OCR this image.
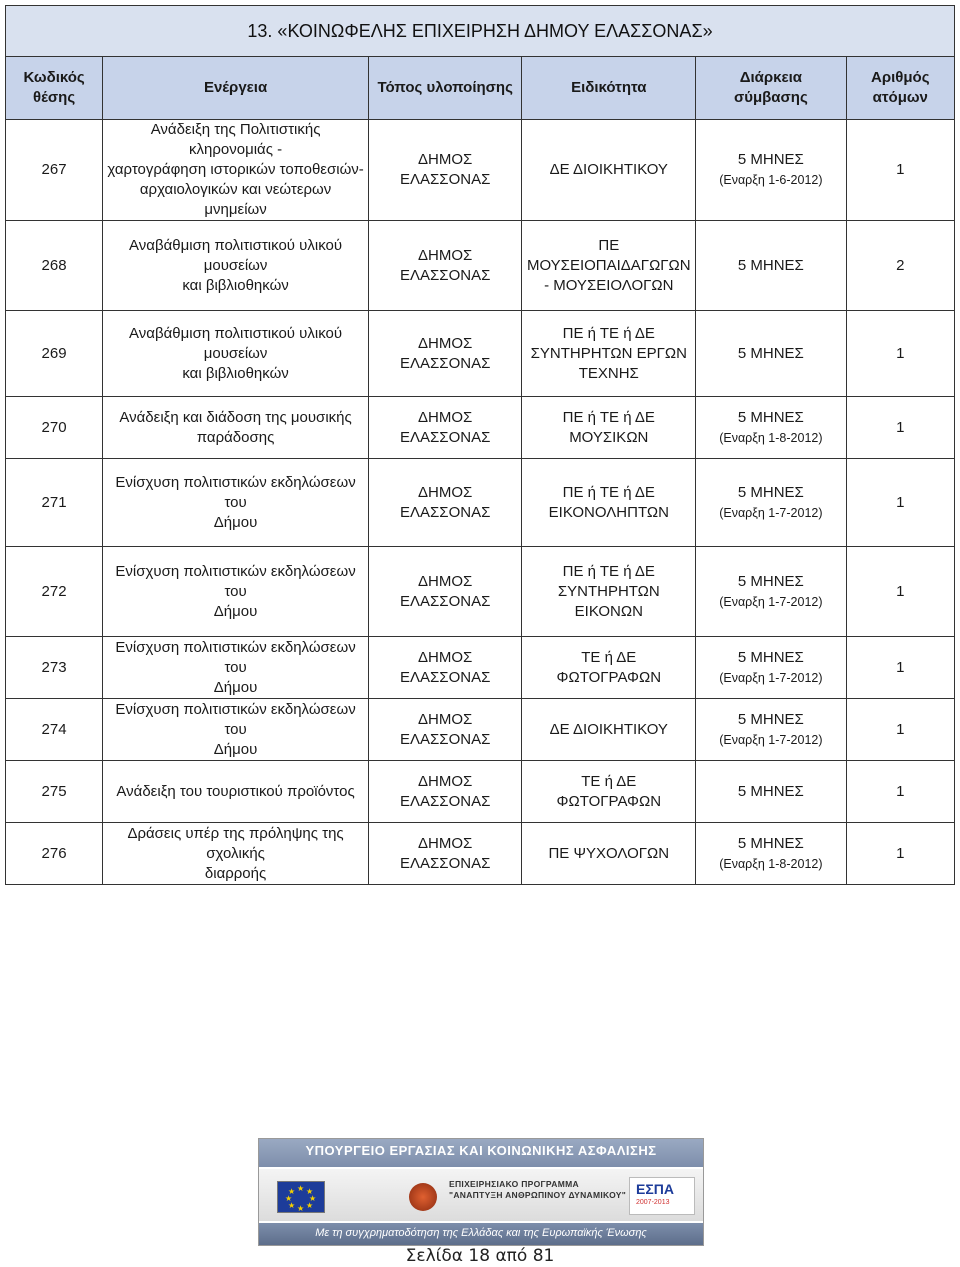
13. «ΚΟΙΝΩΦΕΛΗΣ ΕΠΙΧΕΙΡΗΣΗ ΔΗΜΟΥ ΕΛΑΣΣΟΝΑΣ»					

Κωδικός
θέσης	Ενέργεια	Τόπος υλοποίησης	Ειδικότητα	Διάρκεια
σύμβασης	Αριθμός
ατόμων

267	Ανάδειξη της Πολιτιστικής κληρονομιάς -
χαρτογράφηση ιστορικών τοποθεσιών-
αρχαιολογικών και νεώτερων μνημείων	ΔΗΜΟΣ
ΕΛΑΣΣΟΝΑΣ	ΔΕ ΔΙΟΙΚΗΤΙΚΟΥ	5 ΜΗΝΕΣ
(Εναρξη 1-6-2012)	1
268	Αναβάθμιση πολιτιστικού υλικού μουσείων
και βιβλιοθηκών	ΔΗΜΟΣ
ΕΛΑΣΣΟΝΑΣ	ΠΕ
ΜΟΥΣΕΙΟΠΑΙΔΑΓΩΓΩΝ
- ΜΟΥΣΕΙΟΛΟΓΩΝ	5 ΜΗΝΕΣ	2
269	Αναβάθμιση πολιτιστικού υλικού μουσείων
και βιβλιοθηκών	ΔΗΜΟΣ
ΕΛΑΣΣΟΝΑΣ	ΠΕ ή ΤΕ ή ΔΕ
ΣΥΝΤΗΡΗΤΩΝ ΕΡΓΩΝ
ΤΕΧΝΗΣ	5 ΜΗΝΕΣ	1
270	Ανάδειξη και διάδοση της μουσικής
παράδοσης	ΔΗΜΟΣ
ΕΛΑΣΣΟΝΑΣ	ΠΕ ή ΤΕ ή ΔΕ
ΜΟΥΣΙΚΩΝ	5 ΜΗΝΕΣ
(Εναρξη 1-8-2012)	1
271	Ενίσχυση πολιτιστικών εκδηλώσεων του
Δήμου	ΔΗΜΟΣ
ΕΛΑΣΣΟΝΑΣ	ΠΕ ή ΤΕ ή ΔΕ
ΕΙΚΟΝΟΛΗΠΤΩΝ	5 ΜΗΝΕΣ
(Εναρξη 1-7-2012)	1
272	Ενίσχυση πολιτιστικών εκδηλώσεων του
Δήμου	ΔΗΜΟΣ
ΕΛΑΣΣΟΝΑΣ	ΠΕ ή ΤΕ ή ΔΕ
ΣΥΝΤΗΡΗΤΩΝ
ΕΙΚΟΝΩΝ	5 ΜΗΝΕΣ
(Εναρξη 1-7-2012)	1
273	Ενίσχυση πολιτιστικών εκδηλώσεων του
Δήμου	ΔΗΜΟΣ
ΕΛΑΣΣΟΝΑΣ	ΤΕ ή ΔΕ
ΦΩΤΟΓΡΑΦΩΝ	5 ΜΗΝΕΣ
(Εναρξη 1-7-2012)	1
274	Ενίσχυση πολιτιστικών εκδηλώσεων του
Δήμου	ΔΗΜΟΣ
ΕΛΑΣΣΟΝΑΣ	ΔΕ ΔΙΟΙΚΗΤΙΚΟΥ	5 ΜΗΝΕΣ
(Εναρξη 1-7-2012)	1
275	Ανάδειξη του τουριστικού προϊόντος	ΔΗΜΟΣ
ΕΛΑΣΣΟΝΑΣ	ΤΕ ή ΔΕ
ΦΩΤΟΓΡΑΦΩΝ	5 ΜΗΝΕΣ	1
276	Δράσεις υπέρ της πρόληψης της σχολικής
διαρροής	ΔΗΜΟΣ
ΕΛΑΣΣΟΝΑΣ	ΠΕ ΨΥΧΟΛΟΓΩΝ	5 ΜΗΝΕΣ
(Εναρξη 1-8-2012)	1
ΥΠΟΥΡΓΕΙΟ ΕΡΓΑΣΙΑΣ ΚΑΙ ΚΟΙΝΩΝΙΚΗΣ ΑΣΦΑΛΙΣΗΣ
★ ★
★
★
★
★
★
★
ΕΠΙΧΕΙΡΗΣΙΑΚΟ ΠΡΟΓΡΑΜΜΑ
"ΑΝΑΠΤΥΞΗ ΑΝΘΡΩΠΙΝΟΥ ΔΥΝΑΜΙΚΟΥ" ΕΣΠΑ
2007-2013
Με τη συγχρηματοδότηση της Ελλάδας και της Ευρωπαϊκής Ένωσης
Σελίδα 18 από 81
